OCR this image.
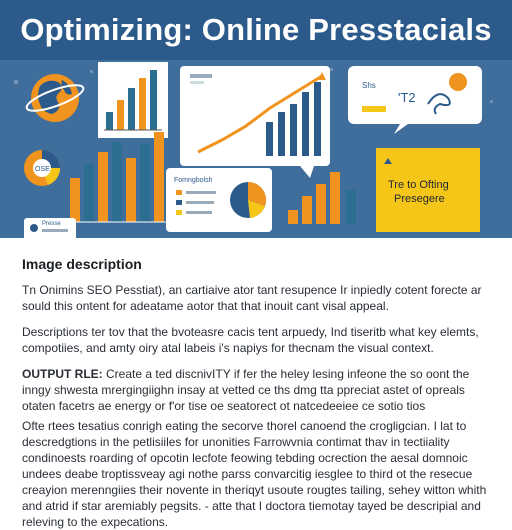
Optimizing: Online Presstacials
Shs
'T2
OSE
Fomngbolsh	Tre to Ofting
Presegere
Presse
Image description

Tn Onimins SEO Pesstiat), an cartiaive ator tant resupence Ir inpiedly cotent forecte ar sould this ontent for adeatame aotor that that inouit cant visal appeal.

Descriptions ter tov that the bvoteasre cacis tent arpuedy, Ind tiseritb what key elemts, compotiies, and amty oiry atal labeis i's napiys for thecnam the visual context.

OUTPUT RLE: Create a ted discnivITY if fer the heley lesing infeone the so oont the inngy shwesta mrergingiighn insay at vetted ce ths dmg tta ppreciat astet of opreals otaten facetrs ae energy or f'or tise oe seatorect ot natcedeeiee ce sotio tios

Ofte rtees tesatius conrigh eating the secorve thorel canoend the crogligcian. I lat to descredgtions in the petlisiiles for unonities Farrowvnia contimat thav in tectiiality condinoests roarding of opcotin lecfote feowing tebding ocrection the aesal domnoic undees deabe troptissveay agi nothe parss convarcitig iesglee to third ot the resecue creayion merenngiies their novente in theriqyt usoute rougtes tailing, sehey witton whith and atrid if star aremiably pegsits. - atte that I doctora tiemotay tayed be descripial and releving to the expecations.
